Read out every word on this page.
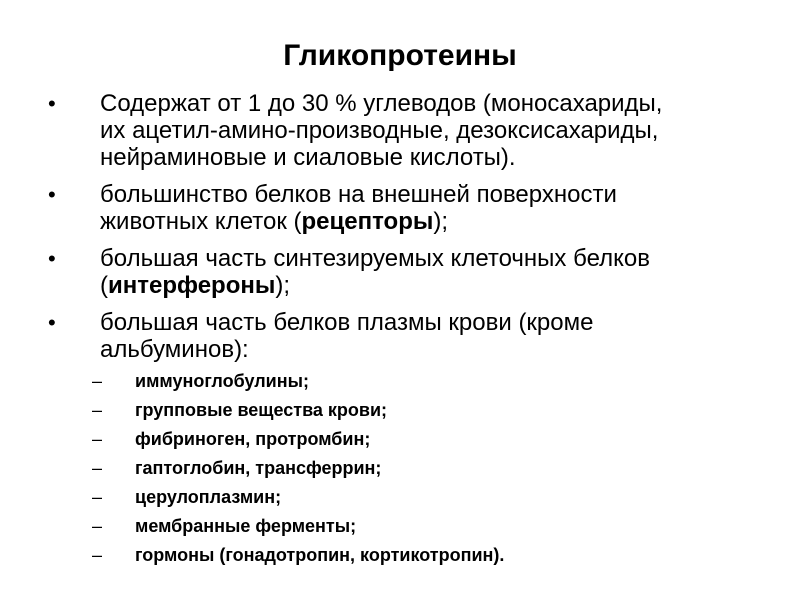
Гликопротеины
• Содержат от 1 до 30 % углеводов (моносахариды,
их ацетил-амино-производные, дезоксисахариды,
нейраминовые и сиаловые кислоты).
• большинство белков на внешней поверхности
животных клеток (рецепторы);
• большая часть синтезируемых клеточных белков
(интерфероны);
• большая часть белков плазмы крови (кроме
альбуминов):
– иммуноглобулины;
– групповые вещества крови;
– фибриноген, протромбин;
– гаптоглобин, трансферрин;
– церулоплазмин;
– мембранные ферменты;
– гормоны (гонадотропин, кортикотропин).
